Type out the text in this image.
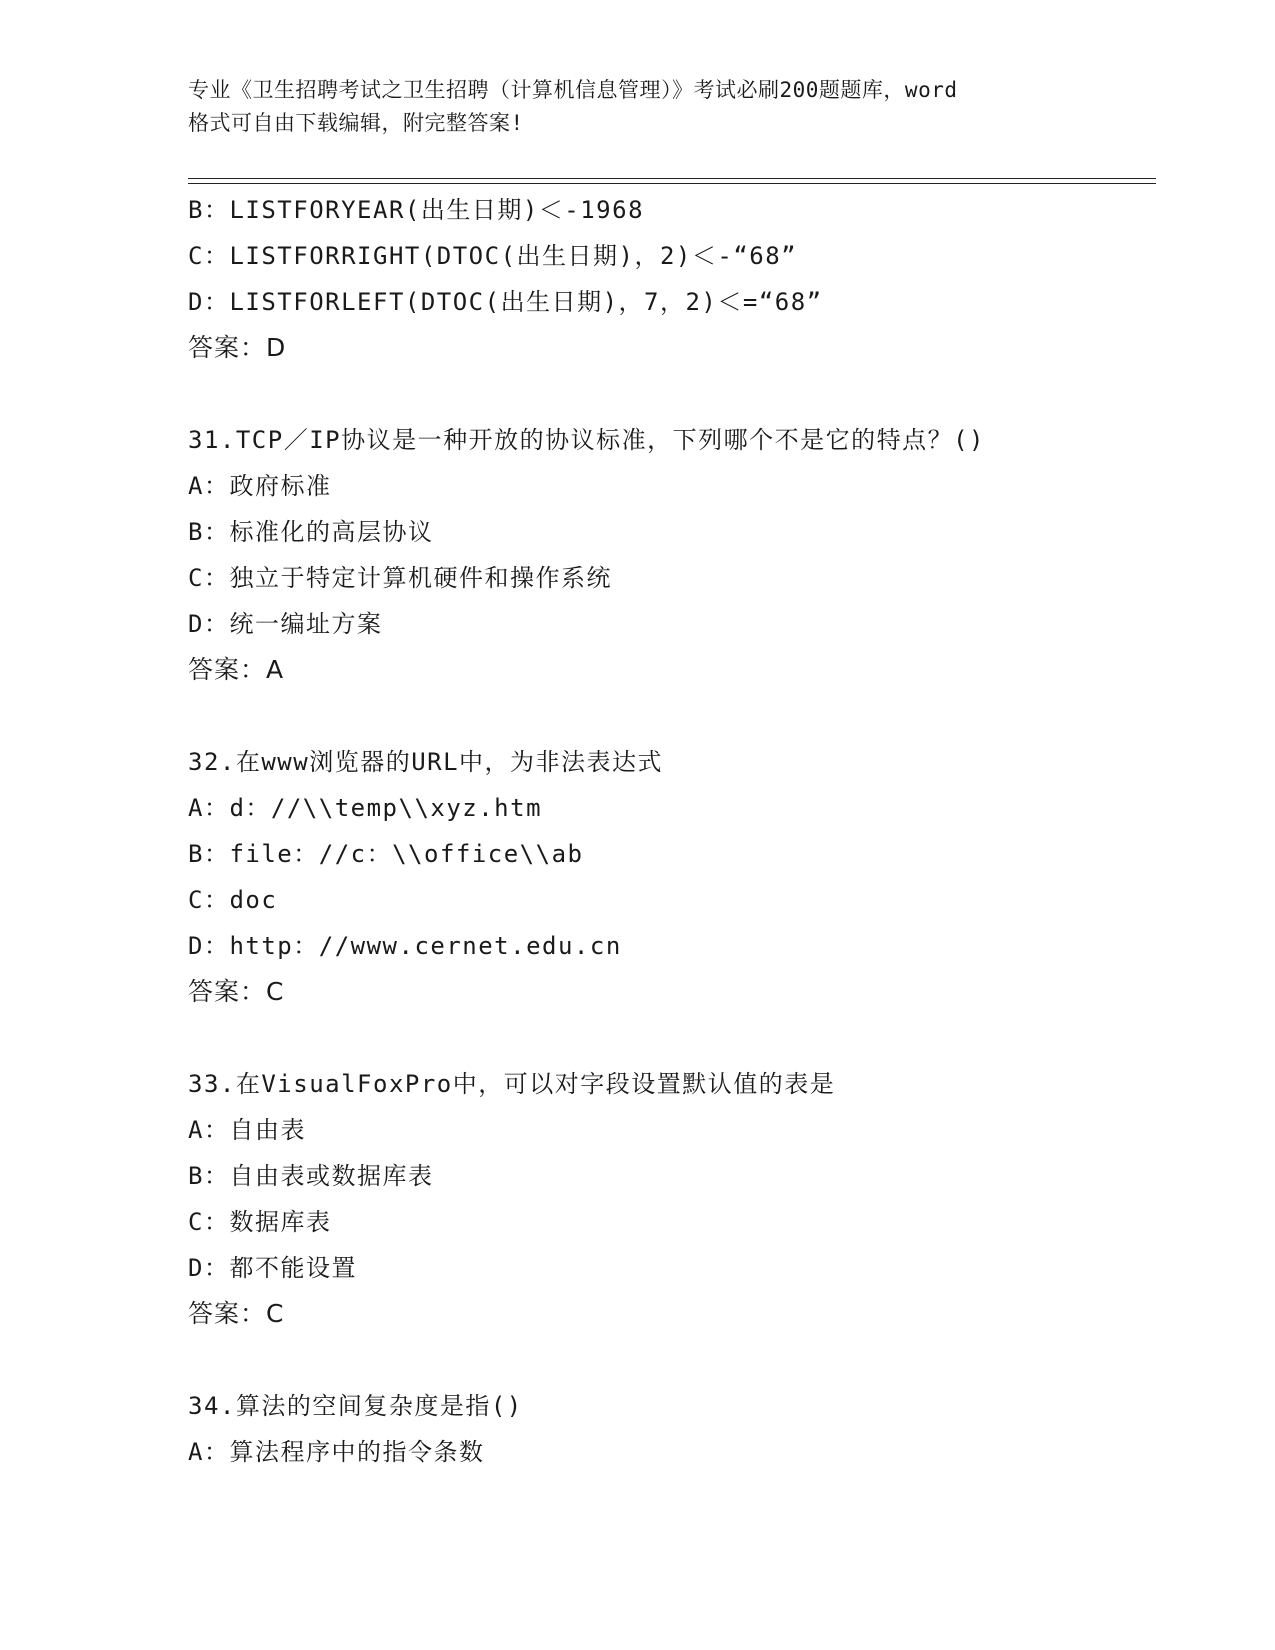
专业《卫生招聘考试之卫生招聘（计算机信息管理）》考试必刷200题题库，word
格式可自由下载编辑，附完整答案!
B：LISTFORYEAR(出生日期)＜-1968
C：LISTFORRIGHT(DTOC(出生日期)，2)＜-“68”
D：LISTFORLEFT(DTOC(出生日期)，7，2)＜=“68”
答案：D
31.TCP／IP协议是一种开放的协议标准，下列哪个不是它的特点？()
A：政府标准
B：标准化的高层协议
C：独立于特定计算机硬件和操作系统
D：统一编址方案
答案：A
32.在www浏览器的URL中，为非法表达式
A：d：//\\temp\\xyz.htm
B：file：//c：\\office\\ab
C：doc
D：http：//www.cernet.edu.cn
答案：C
33.在VisualFoxPro中，可以对字段设置默认值的表是
A：自由表
B：自由表或数据库表
C：数据库表
D：都不能设置
答案：C
34.算法的空间复杂度是指()
A：算法程序中的指令条数
